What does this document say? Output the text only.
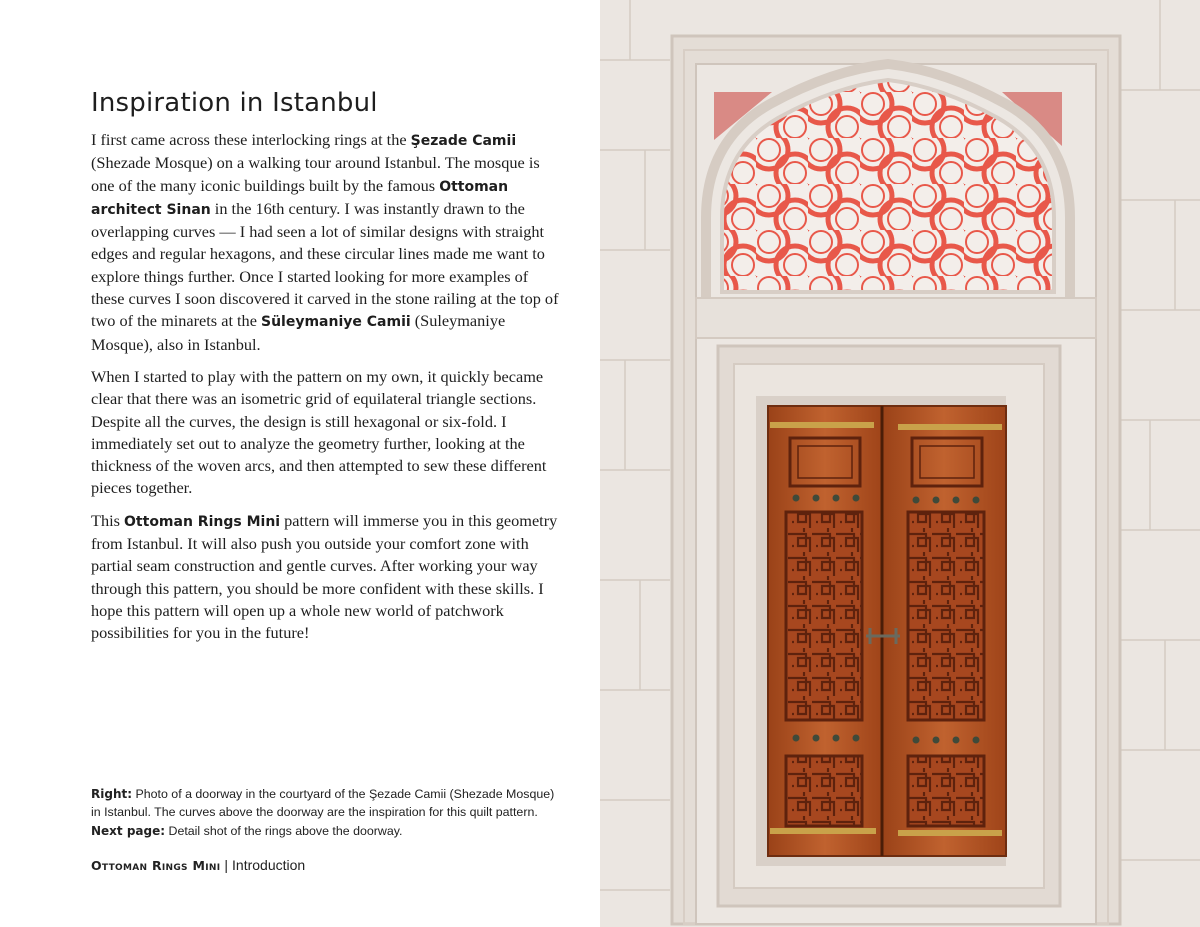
Inspiration in Istanbul

I first came across these interlocking rings at the Şezade Camii (Shezade Mosque) on a walking tour around Istanbul. The mosque is one of the many iconic buildings built by the famous Ottoman architect Sinan in the 16th century. I was instantly drawn to the overlapping curves — I had seen a lot of similar designs with straight edges and regular hexagons, and these circular lines made me want to explore things further. Once I started looking for more examples of these curves I soon discovered it carved in the stone railing at the top of two of the minarets at the Süleymaniye Camii (Suleymaniye Mosque), also in Istanbul.

When I started to play with the pattern on my own, it quickly became clear that there was an isometric grid of equilateral triangle sections. Despite all the curves, the design is still hexagonal or six-fold. I immediately set out to analyze the geometry further, looking at the thickness of the woven arcs, and then attempted to sew these different pieces together.

This Ottoman Rings Mini pattern will immerse you in this geometry from Istanbul. It will also push you outside your comfort zone with partial seam construction and gentle curves. After working your way through this pattern, you should be more confident with these skills. I hope this pattern will open up a whole new world of patchwork possibilities for you in the future!

Right: Photo of a doorway in the courtyard of the Şezade Camii (Shezade Mosque) in Istanbul. The curves above the doorway are the inspiration for this quilt pattern. Next page: Detail shot of the rings above the doorway.
Ottoman Rings Mini | Introduction
